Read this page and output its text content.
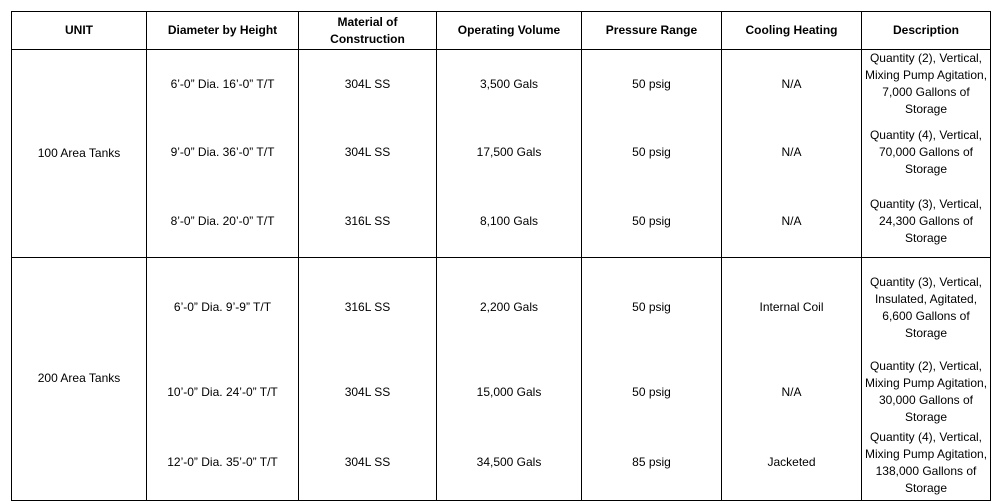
UNIT	Diameter by Height	Material of Construction	Operating Volume	Pressure Range	Cooling Heating	Description
100 Area Tanks	6’-0” Dia. 16’-0” T/T	304L SS	3,500 Gals	50 psig	N/A	Quantity (2), Vertical, Mixing Pump Agitation, 7,000 Gallons of Storage
	9’-0” Dia. 36’-0” T/T	304L SS	17,500 Gals	50 psig	N/A	Quantity (4), Vertical, 70,000 Gallons of Storage
	8’-0” Dia. 20’-0” T/T	316L SS	8,100 Gals	50 psig	N/A	Quantity (3), Vertical, 24,300 Gallons of Storage
200 Area Tanks	6’-0” Dia. 9’-9” T/T	316L SS	2,200 Gals	50 psig	Internal Coil	Quantity (3), Vertical, Insulated, Agitated, 6,600 Gallons of Storage
	10’-0” Dia. 24’-0” T/T	304L SS	15,000 Gals	50 psig	N/A	Quantity (2), Vertical, Mixing Pump Agitation, 30,000 Gallons of Storage
	12’-0” Dia. 35’-0” T/T	304L SS	34,500 Gals	85 psig	Jacketed	Quantity (4), Vertical, Mixing Pump Agitation, 138,000 Gallons of Storage
